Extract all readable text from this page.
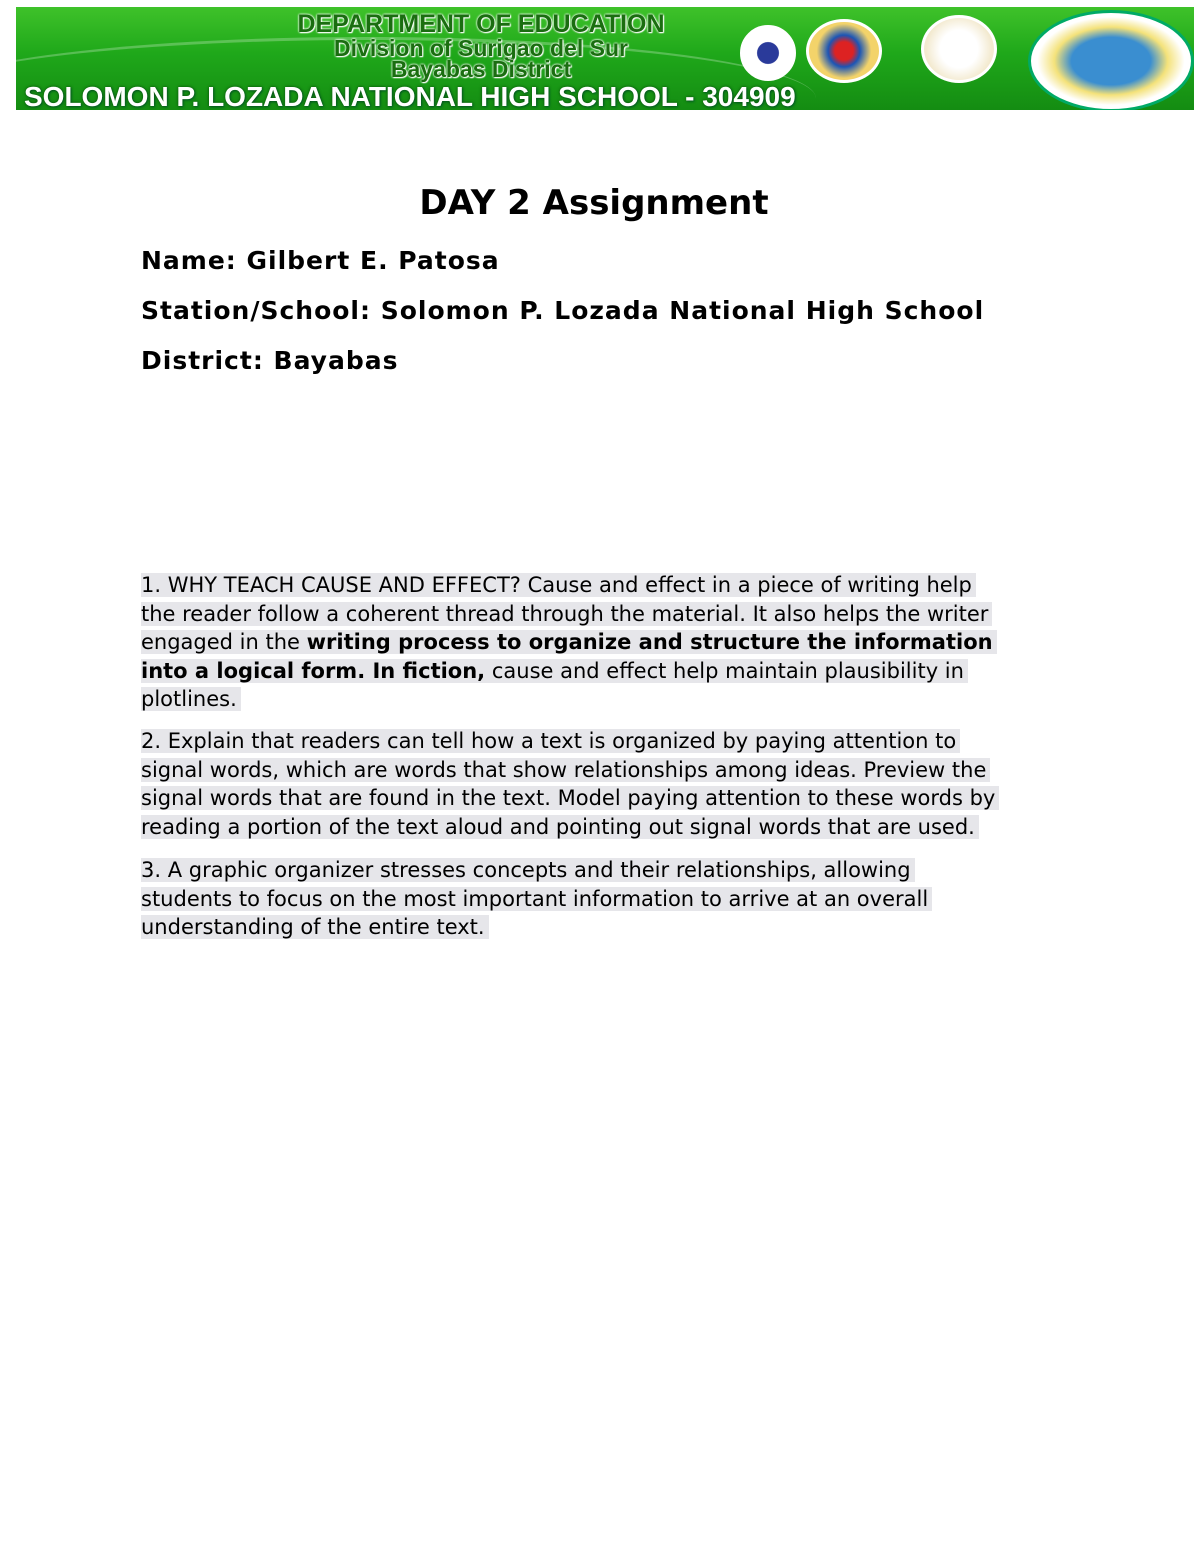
DEPARTMENT OF EDUCATION
Division of Surigao del Sur
Bayabas District
SOLOMON P. LOZADA NATIONAL HIGH SCHOOL - 304909
DAY 2 Assignment
Name: Gilbert E. Patosa
Station/School: Solomon P. Lozada National High School
District: Bayabas
1. WHY TEACH CAUSE AND EFFECT? Cause and effect in a piece of writing help
the reader follow a coherent thread through the material. It also helps the writer
engaged in the writing process to organize and structure the information
into a logical form. In fiction, cause and effect help maintain plausibility in
plotlines.
2. Explain that readers can tell how a text is organized by paying attention to
signal words, which are words that show relationships among ideas. Preview the
signal words that are found in the text. Model paying attention to these words by
reading a portion of the text aloud and pointing out signal words that are used.
3. A graphic organizer stresses concepts and their relationships, allowing
students to focus on the most important information to arrive at an overall
understanding of the entire text.
